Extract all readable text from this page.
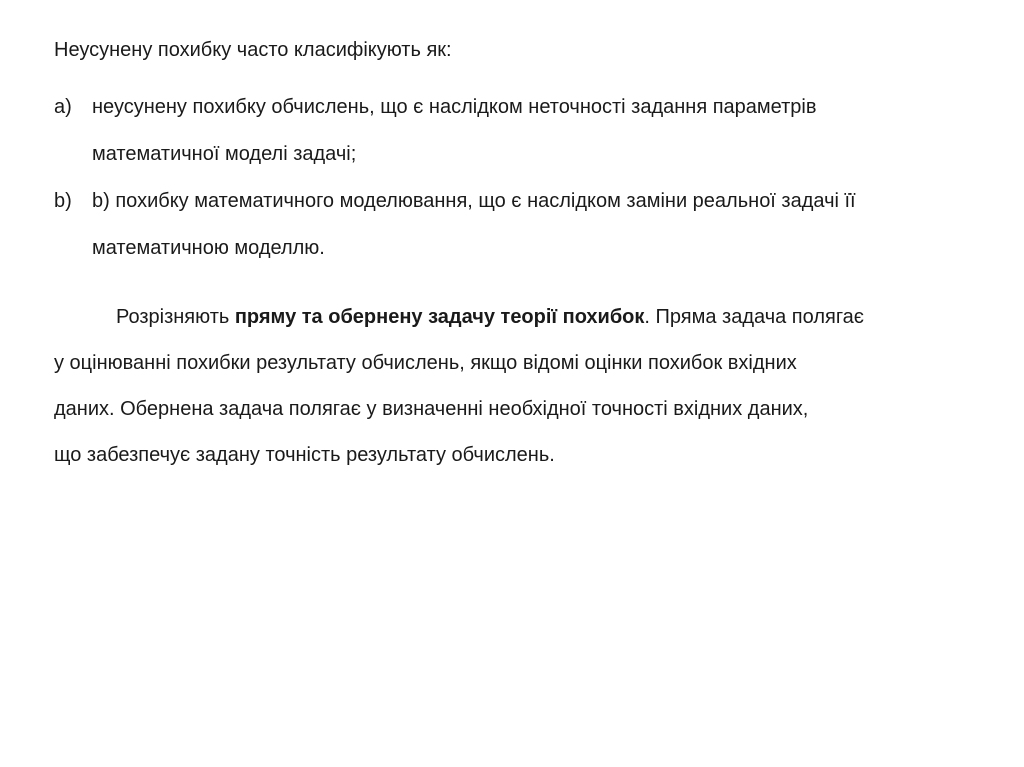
Неусунену похибку часто класифікують як:
a)	неусунену похибку обчислень, що є наслідком неточності задання параметрів
математичної моделі задачі;
b)	b) похибку математичного моделювання, що є наслідком заміни реальної задачі її
математичною моделлю.
Розрізняють пряму та обернену задачу теорії похибок. Пряма задача полягає
у оцінюванні похибки результату обчислень, якщо відомі оцінки похибок вхідних
даних. Обернена задача полягає у визначенні необхідної точності вхідних даних,
що забезпечує задану точність результату обчислень.
